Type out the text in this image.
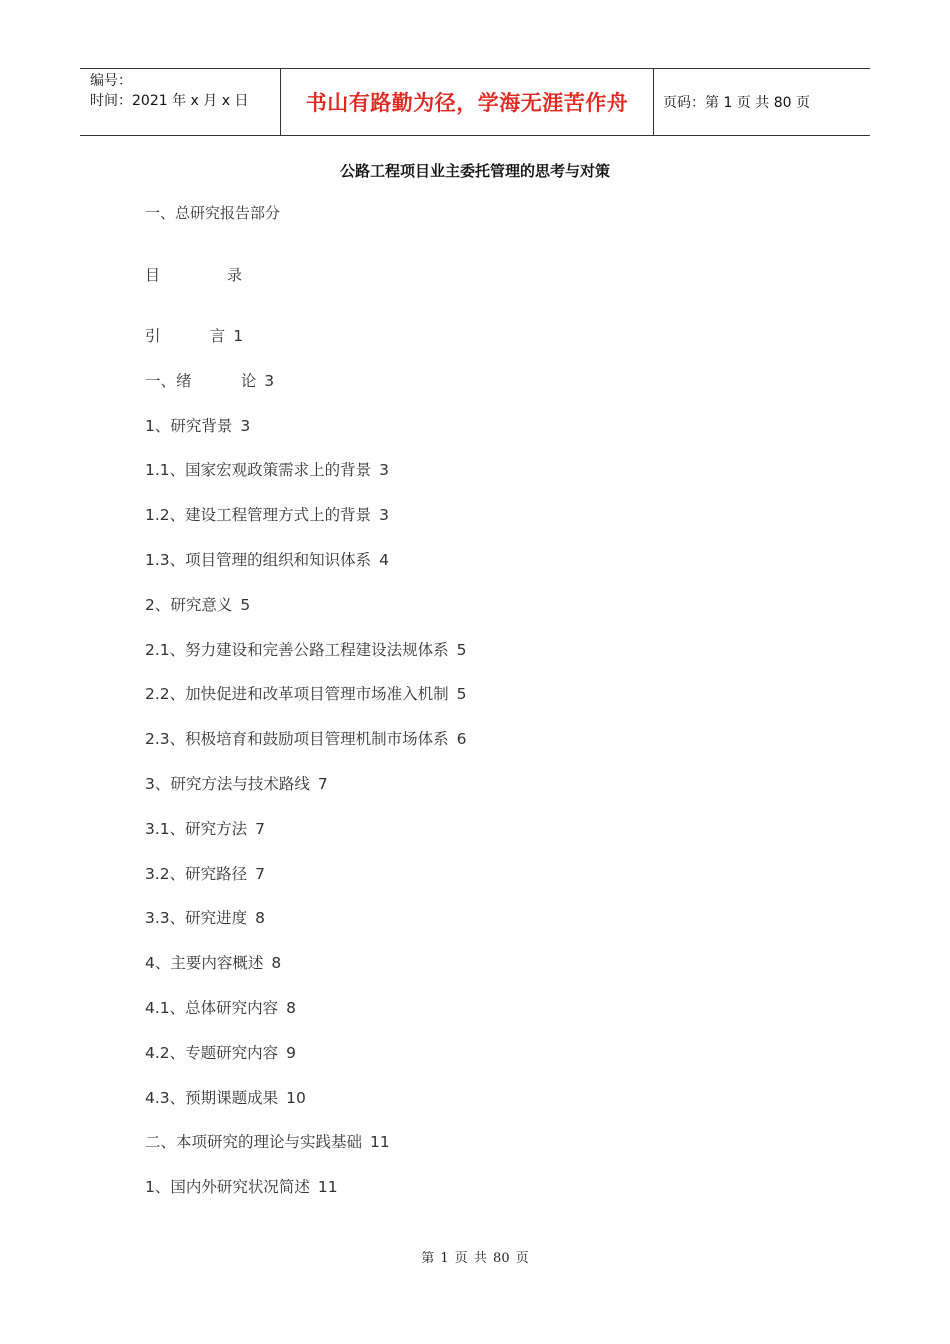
编号：
时间：2021 年 x 月 x 日	书山有路勤为径，学海无涯苦作舟 页码：第 1 页 共 80 页
公路工程项目业主委托管理的思考与对策
一、总研究报告部分
目	录
引          言 1
一、绪          论 3
1、研究背景 3
1.1、国家宏观政策需求上的背景 3
1.2、建设工程管理方式上的背景 3
1.3、项目管理的组织和知识体系 4
2、研究意义 5
2.1、努力建设和完善公路工程建设法规体系 5
2.2、加快促进和改革项目管理市场准入机制 5
2.3、积极培育和鼓励项目管理机制市场体系 6
3、研究方法与技术路线 7
3.1、研究方法 7
3.2、研究路径 7
3.3、研究进度 8
4、主要内容概述 8
4.1、总体研究内容 8
4.2、专题研究内容 9
4.3、预期课题成果 10
二、本项研究的理论与实践基础 11
1、国内外研究状况简述 11
第 1 页 共 80 页
